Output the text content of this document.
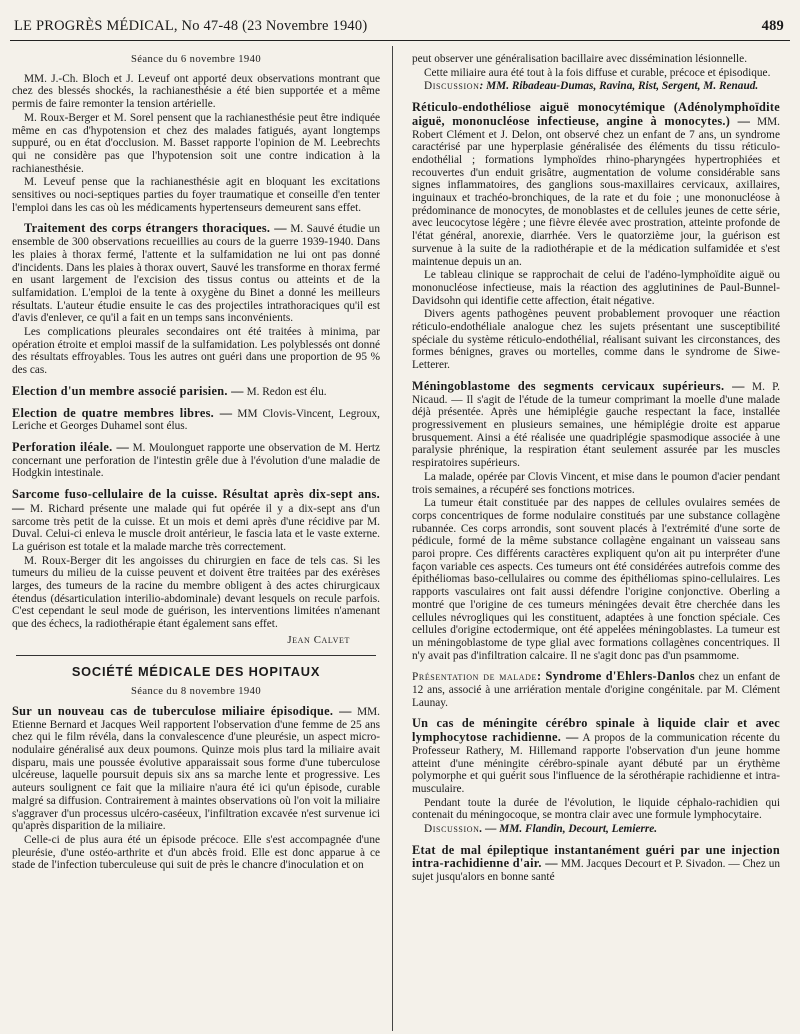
LE PROGRÈS MÉDICAL, No 47-48 (23 Novembre 1940)	489
Séance du 6 novembre 1940

MM. J.-Ch. Bloch et J. Leveuf ont apporté deux observations montrant que chez des blessés shockés, la rachianesthésie a été bien supportée et a même permis de faire remonter la tension artérielle.

M. Roux-Berger et M. Sorel pensent que la rachianesthésie peut être indiquée même en cas d'hypotension et chez des malades fatigués, ayant longtemps suppuré, ou en état d'occlusion. M. Basset rapporte l'opinion de M. Leebrechts qui ne considère pas que l'hypotension soit une contre indication à la rachianesthésie.

M. Leveuf pense que la rachianesthésie agit en bloquant les excitations sensitives ou noci-septiques parties du foyer traumatique et conseille d'en tenter l'emploi dans les cas où les médicaments hypertenseurs demeurent sans effet.

Traitement des corps étrangers thoraciques. — M. Sauvé étudie un ensemble de 300 observations recueillies au cours de la guerre 1939-1940. Dans les plaies à thorax fermé, l'attente et la sulfamidation ne lui ont pas donné d'incidents. Dans les plaies à thorax ouvert, Sauvé les transforme en thorax fermé en usant largement de l'excision des tissus contus ou atteints et de la sulfamidation. L'emploi de la tente à oxygène du Binet a donné les meilleurs résultats. L'auteur étudie ensuite le cas des projectiles intrathoraciques qu'il est d'avis d'enlever, ce qu'il a fait en un temps sans inconvénients.

Les complications pleurales secondaires ont été traitées à minima, par opération étroite et emploi massif de la sulfamidation. Les polyblessés ont donné des résultats effroyables. Tous les autres ont guéri dans une proportion de 95 % des cas.

Election d'un membre associé parisien. — M. Redon est élu.

Election de quatre membres libres. — MM Clovis-Vincent, Legroux, Leriche et Georges Duhamel sont élus.

Perforation iléale. — M. Moulonguet rapporte une observation de M. Hertz concernant une perforation de l'intestin grêle due à l'évolution d'une maladie de Hodgkin intestinale.

Sarcome fuso-cellulaire de la cuisse. Résultat après dix-sept ans. — M. Richard présente une malade qui fut opérée il y a dix-sept ans d'un sarcome très petit de la cuisse. Et un mois et demi après d'une récidive par M. Duval. Celui-ci enleva le muscle droit antérieur, le fascia lata et le vaste externe. La guérison est totale et la malade marche très correctement.

M. Roux-Berger dit les angoisses du chirurgien en face de tels cas. Si les tumeurs du milieu de la cuisse peuvent et doivent être traitées par des exérèses larges, des tumeurs de la racine du membre obligent à des actes chirurgicaux étendus (désarticulation interilio-abdominale) devant lesquels on recule parfois. C'est cependant le seul mode de guérison, les interventions limitées n'amenant que des échecs, la radiothérapie étant également sans effet.

Jean Calvet
SOCIÉTÉ MÉDICALE DES HOPITAUX
Séance du 8 novembre 1940

Sur un nouveau cas de tuberculose miliaire épisodique. — MM. Etienne Bernard et Jacques Weil rapportent l'observation d'une femme de 25 ans chez qui le film révéla, dans la convalescence d'une pleurésie, un aspect micro-nodulaire généralisé aux deux poumons. Quinze mois plus tard la miliaire avait disparu, mais une poussée évolutive apparaissait sous forme d'une tuberculose ulcéreuse, laquelle poursuit depuis six ans sa marche lente et progressive. Les auteurs soulignent ce fait que la miliaire n'aura été ici qu'un épisode, curable malgré sa diffusion. Contrairement à maintes observations où l'on voit la miliaire s'aggraver d'un processus ulcéro-caséeux, l'infiltration excavée n'est survenue ici qu'après disparition de la miliaire.

Celle-ci de plus aura été un épisode précoce. Elle s'est accompagnée d'une pleurésie, d'une ostéo-arthrite et d'un abcès froid. Elle est donc apparue à ce stade de l'infection tuberculeuse qui suit de près le chancre d'inoculation et on

peut observer une généralisation bacillaire avec dissémination lésionnelle.

Cette miliaire aura été tout à la fois diffuse et curable, précoce et épisodique.

Discussion: MM. Ribadeau-Dumas, Ravina, Rist, Sergent, M. Renaud.

Réticulo-endothéliose aiguë monocytémique (Adénolymphoïdite aiguë, mononucléose infectieuse, angine à monocytes.) — MM. Robert Clément et J. Delon, ont observé chez un enfant de 7 ans, un syndrome caractérisé par une hyperplasie généralisée des éléments du tissu réticulo-endothélial ; formations lymphoïdes rhino-pharyngées hypertrophiées et recouvertes d'un enduit grisâtre, augmentation de volume considérable sans signes inflammatoires, des ganglions sous-maxillaires cervicaux, axillaires, inguinaux et trachéo-bronchiques, de la rate et du foie ; une mononucléose à prédominance de monocytes, de monoblastes et de cellules jeunes de cette série, avec leucocytose légère ; une fièvre élevée avec prostration, atteinte profonde de l'état général, anorexie, diarrhée. Vers le quatorzième jour, la guérison est survenue à la suite de la radiothérapie et de la médication sulfamidée et s'est maintenue depuis un an.

Le tableau clinique se rapprochait de celui de l'adéno-lymphoïdite aiguë ou mononucléose infectieuse, mais la réaction des agglutinines de Paul-Bunnel-Davidsohn qui identifie cette affection, était négative.

Divers agents pathogènes peuvent probablement provoquer une réaction réticulo-endothéliale analogue chez les sujets présentant une susceptibilité spéciale du système réticulo-endothélial, réalisant suivant les circonstances, des formes bénignes, graves ou mortelles, comme dans le syndrome de Siwe-Letterer.

Méningoblastome des segments cervicaux supérieurs. — M. P. Nicaud. — Il s'agit de l'étude de la tumeur comprimant la moelle d'une malade déjà présentée. Après une hémiplégie gauche respectant la face, installée progressivement en plusieurs semaines, une hémiplégie droite est apparue brusquement. Ainsi a été réalisée une quadriplégie spasmodique associée à une paralysie phrénique, la respiration étant seulement assurée par les muscles respiratoires supérieurs.

La malade, opérée par Clovis Vincent, et mise dans le poumon d'acier pendant trois semaines, a récupéré ses fonctions motrices.

La tumeur était constituée par des nappes de cellules ovulaires semées de corps concentriques de forme nodulaire constitués par une substance collagène rubannée. Ces corps arrondis, sont souvent placés à l'extrémité d'une sorte de pédicule, formé de la même substance collagène engainant un vaisseau sans paroi propre. Ces différents caractères expliquent qu'on ait pu interpréter d'une façon variable ces aspects. Ces tumeurs ont été considérées autrefois comme des épithéliomas baso-cellulaires ou comme des épithéliomas spino-cellulaires. Les rapports vasculaires ont fait aussi défendre l'origine conjonctive. Oberling a montré que l'origine de ces tumeurs méningées devait être cherchée dans les cellules névrogliques qui les constituent, adaptées à une fonction spéciale. Ces cellules d'origine ectodermique, ont été appelées méningoblastes. La tumeur est un méningoblastome de type glial avec formations collagènes concentriques. Il n'y avait pas d'infiltration calcaire. Il ne s'agit donc pas d'un psammome.

Présentation de malade: Syndrome d'Ehlers-Danlos chez un enfant de 12 ans, associé à une arriération mentale d'origine congénitale. par M. Clément Launay.

Un cas de méningite cérébro spinale à liquide clair et avec lymphocytose rachidienne. — A propos de la communication récente du Professeur Rathery, M. Hillemand rapporte l'observation d'un jeune homme atteint d'une méningite cérébro-spinale ayant débuté par un érythème polymorphe et qui guérit sous l'influence de la sérothérapie rachidienne et intra-musculaire.

Pendant toute la durée de l'évolution, le liquide céphalo-rachidien qui contenait du méningocoque, se montra clair avec une formule lymphocytaire.

Discussion. — MM. Flandin, Decourt, Lemierre.

Etat de mal épileptique instantanément guéri par une injection intra-rachidienne d'air. — MM. Jacques Decourt et P. Sivadon. — Chez un sujet jusqu'alors en bonne santé
